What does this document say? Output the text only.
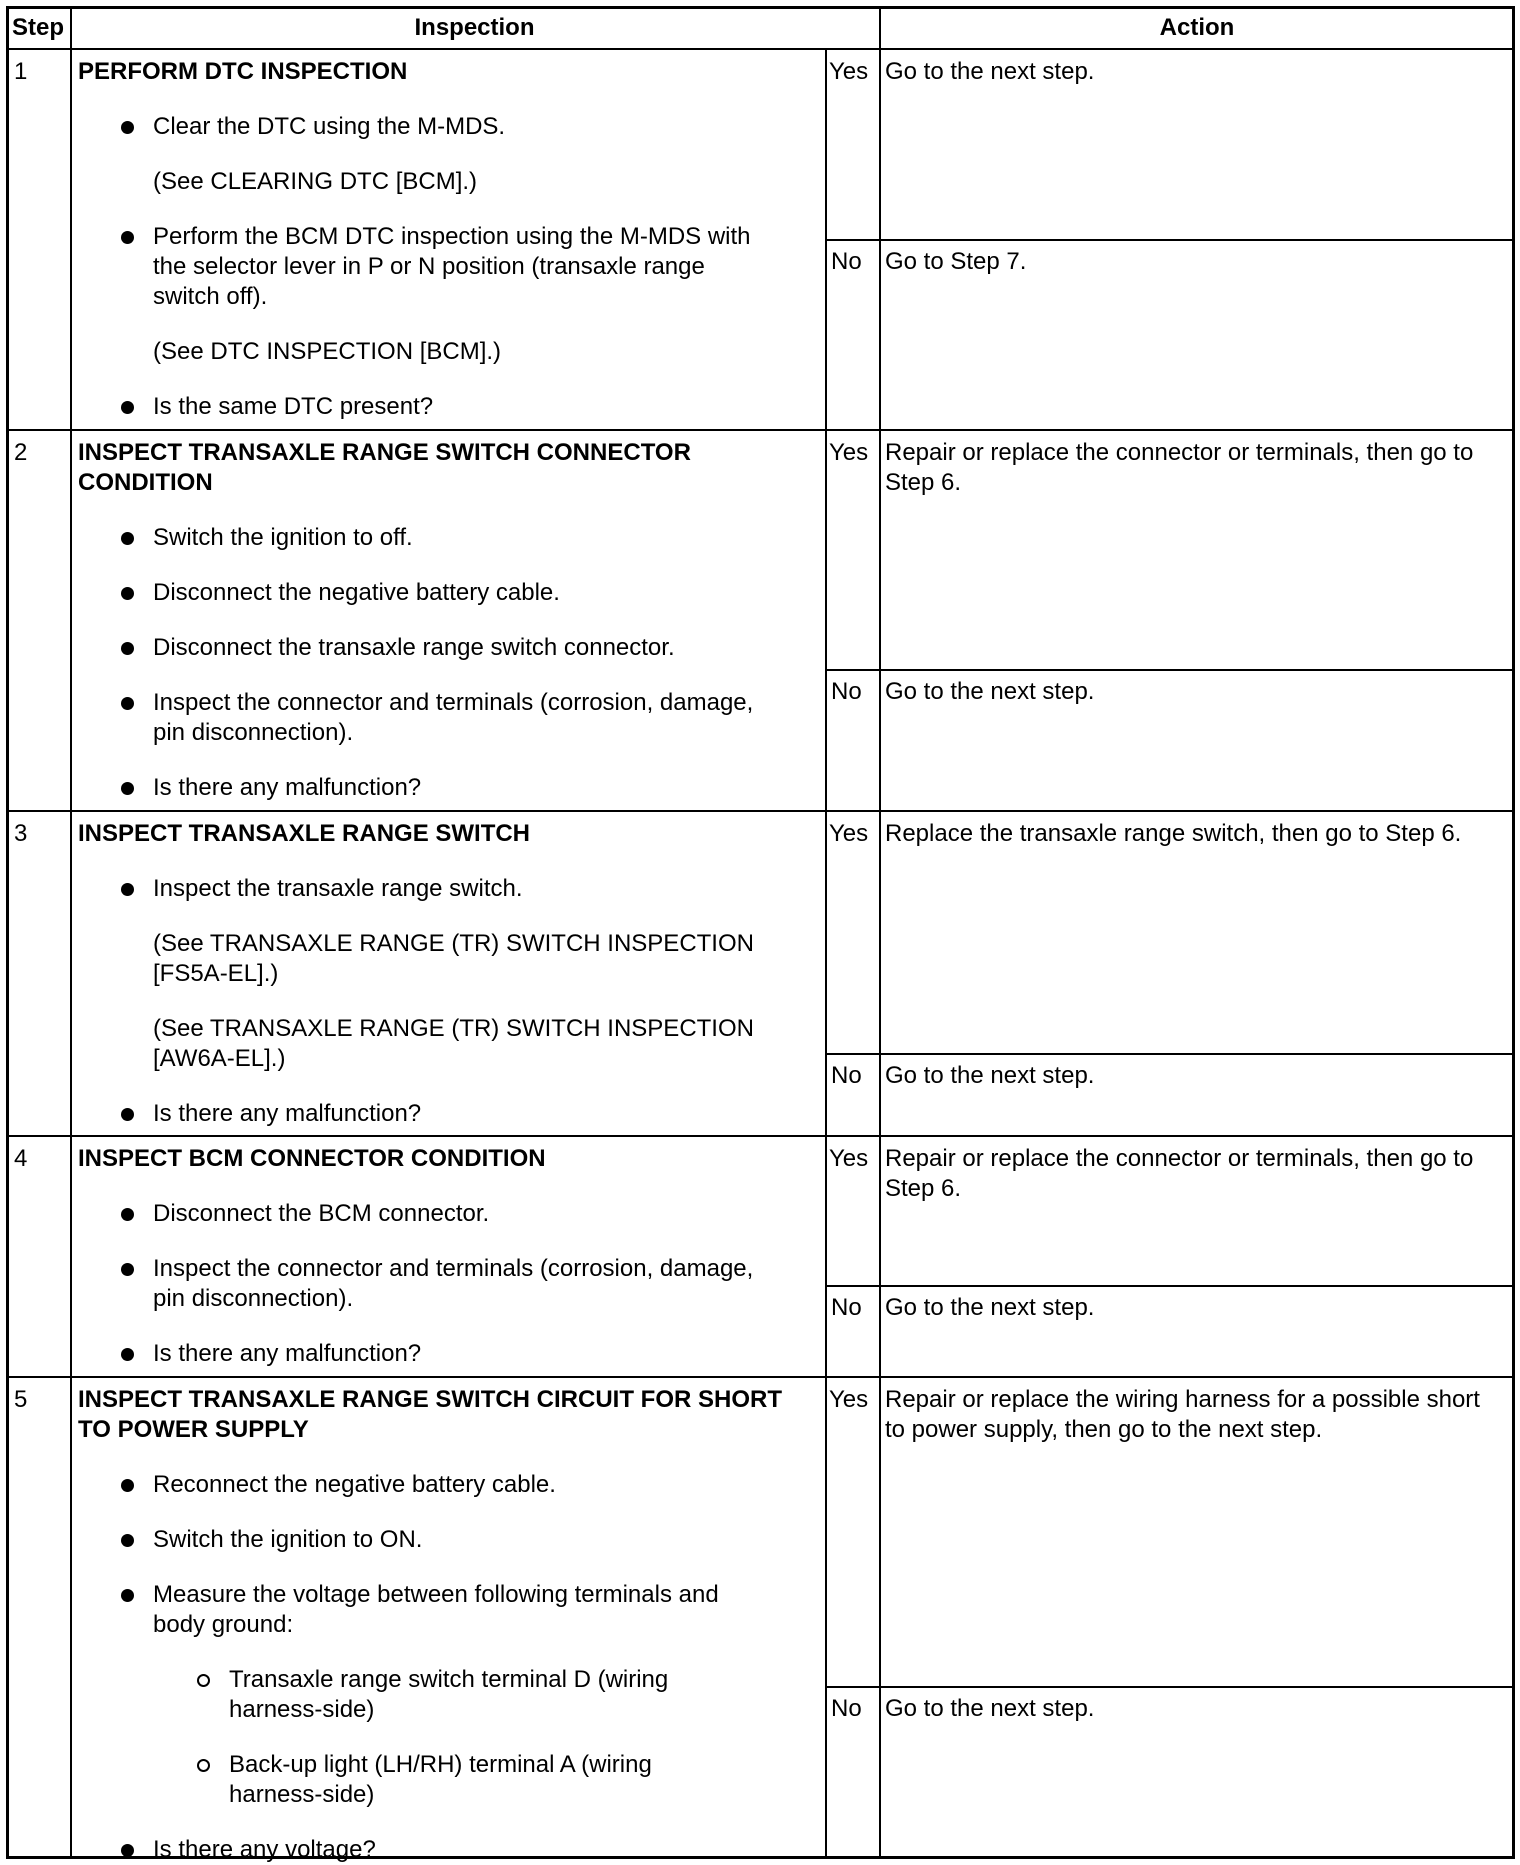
Step	Inspection	Action
1 PERFORM DTC INSPECTION
Clear the DTC using the M-MDS.
(See CLEARING DTC [BCM].)
Perform the BCM DTC inspection using the M-MDS with
the selector lever in P or N position (transaxle range
switch off).
(See DTC INSPECTION [BCM].)
Is the same DTC present?
Yes Go to the next step.
No Go to Step 7.
2 INSPECT TRANSAXLE RANGE SWITCH CONNECTOR
CONDITION
Switch the ignition to off.
Disconnect the negative battery cable.
Disconnect the transaxle range switch connector.
Inspect the connector and terminals (corrosion, damage,
pin disconnection).
Is there any malfunction?
Yes Repair or replace the connector or terminals, then go to
Step 6.
No Go to the next step.
3 INSPECT TRANSAXLE RANGE SWITCH
Inspect the transaxle range switch.
(See TRANSAXLE RANGE (TR) SWITCH INSPECTION
[FS5A-EL].)
(See TRANSAXLE RANGE (TR) SWITCH INSPECTION
[AW6A-EL].)
Is there any malfunction?
Yes Replace the transaxle range switch, then go to Step 6.
No Go to the next step.
4 INSPECT BCM CONNECTOR CONDITION
Disconnect the BCM connector.
Inspect the connector and terminals (corrosion, damage,
pin disconnection).
Is there any malfunction?
Yes Repair or replace the connector or terminals, then go to
Step 6.
No Go to the next step.
5 INSPECT TRANSAXLE RANGE SWITCH CIRCUIT FOR SHORT
TO POWER SUPPLY
Reconnect the negative battery cable.
Switch the ignition to ON.
Measure the voltage between following terminals and
body ground:
Transaxle range switch terminal D (wiring
harness-side)
Back-up light (LH/RH) terminal A (wiring
harness-side)
Is there any voltage?
Yes Repair or replace the wiring harness for a possible short
to power supply, then go to the next step.
No Go to the next step.
